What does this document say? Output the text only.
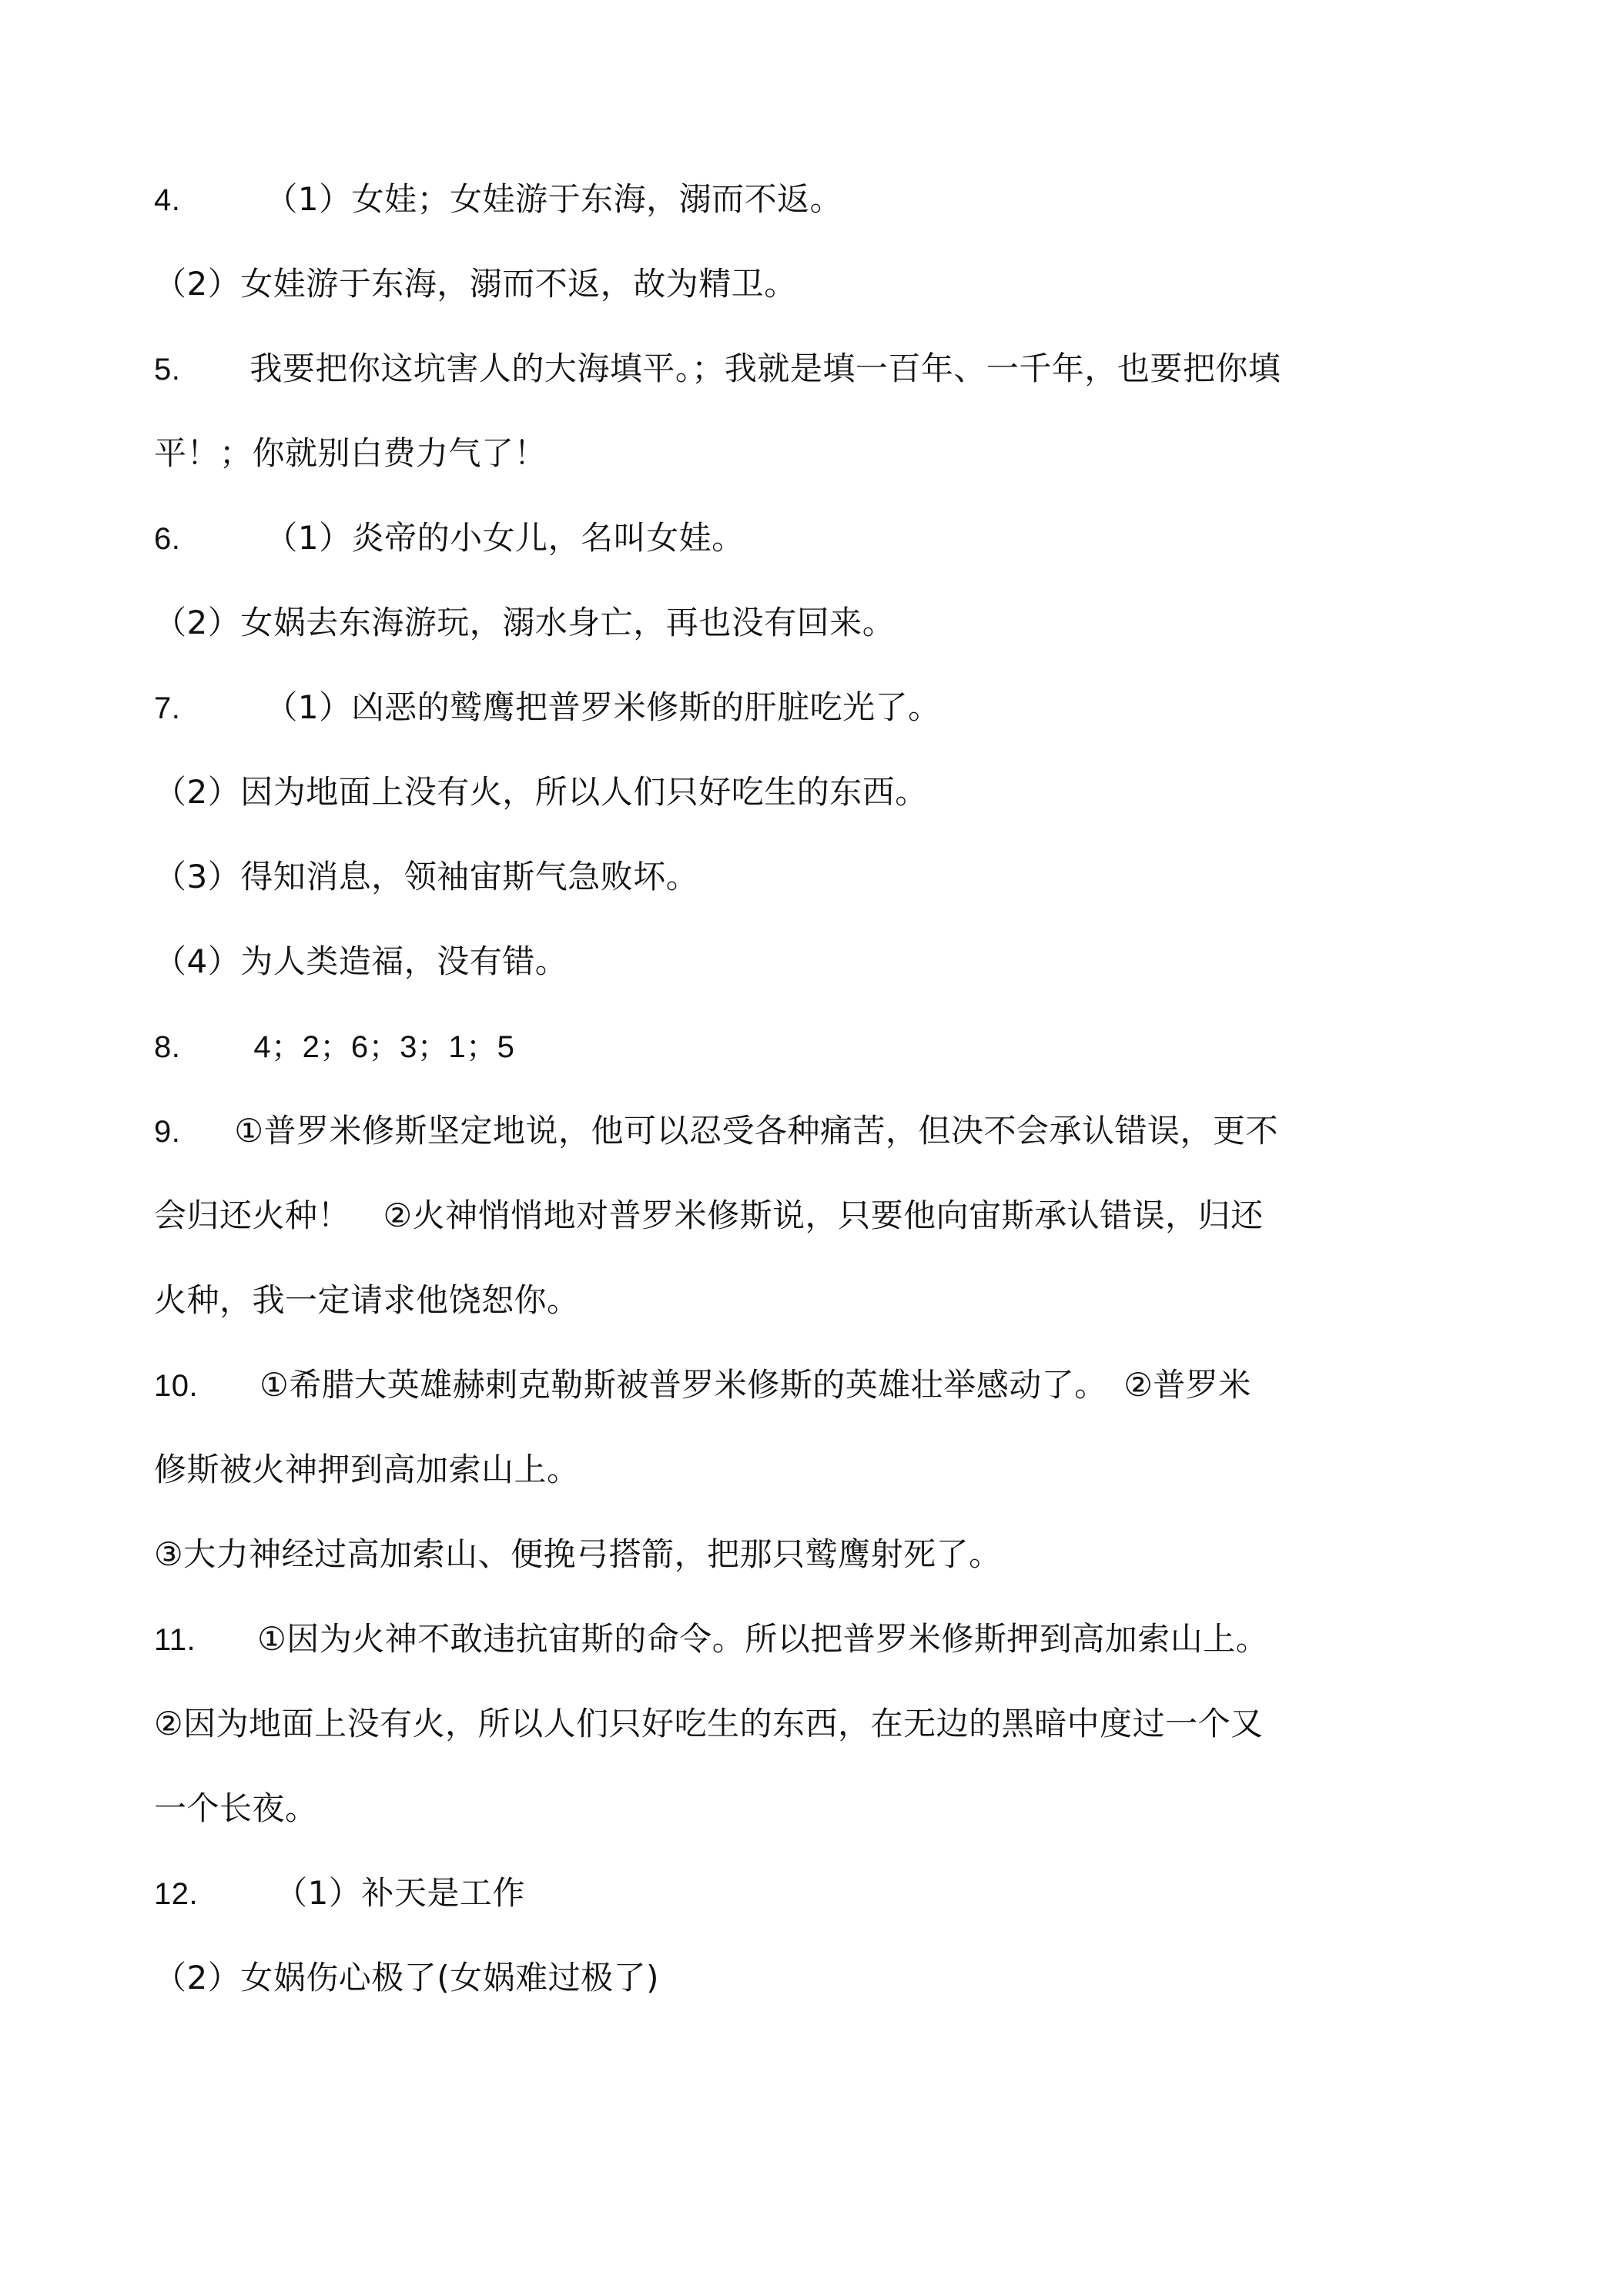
4.	（1）女娃；女娃游于东海，溺而不返。
（2）女娃游于东海，溺而不返，故为精卫。
5. 我要把你这坑害人的大海填平。；我就是填一百年、一千年，也要把你填
平！；你就别白费力气了！
6.	（1）炎帝的小女儿，名叫女娃。
（2）女娲去东海游玩，溺水身亡，再也没有回来。
7.	（1）凶恶的鹫鹰把普罗米修斯的肝脏吃光了。
（2）因为地面上没有火，所以人们只好吃生的东西。
（3）得知消息，领袖宙斯气急败坏。
（4）为人类造福，没有错。
8. 4；2；6；3；1；5
9. ①普罗米修斯坚定地说，他可以忍受各种痛苦，但决不会承认错误，更不
会归还火种！　②火神悄悄地对普罗米修斯说，只要他向宙斯承认错误，归还
火种，我一定请求他饶恕你。
10. ①希腊大英雄赫剌克勒斯被普罗米修斯的英雄壮举感动了。　②普罗米
修斯被火神押到高加索山上。
③大力神经过高加索山、便挽弓搭箭，把那只鹫鹰射死了。
11. ①因为火神不敢违抗宙斯的命令。所以把普罗米修斯押到高加索山上。
②因为地面上没有火，所以人们只好吃生的东西，在无边的黑暗中度过一个又
一个长夜。
12. （1）补天是工作
（2）女娲伤心极了(女娲难过极了)
